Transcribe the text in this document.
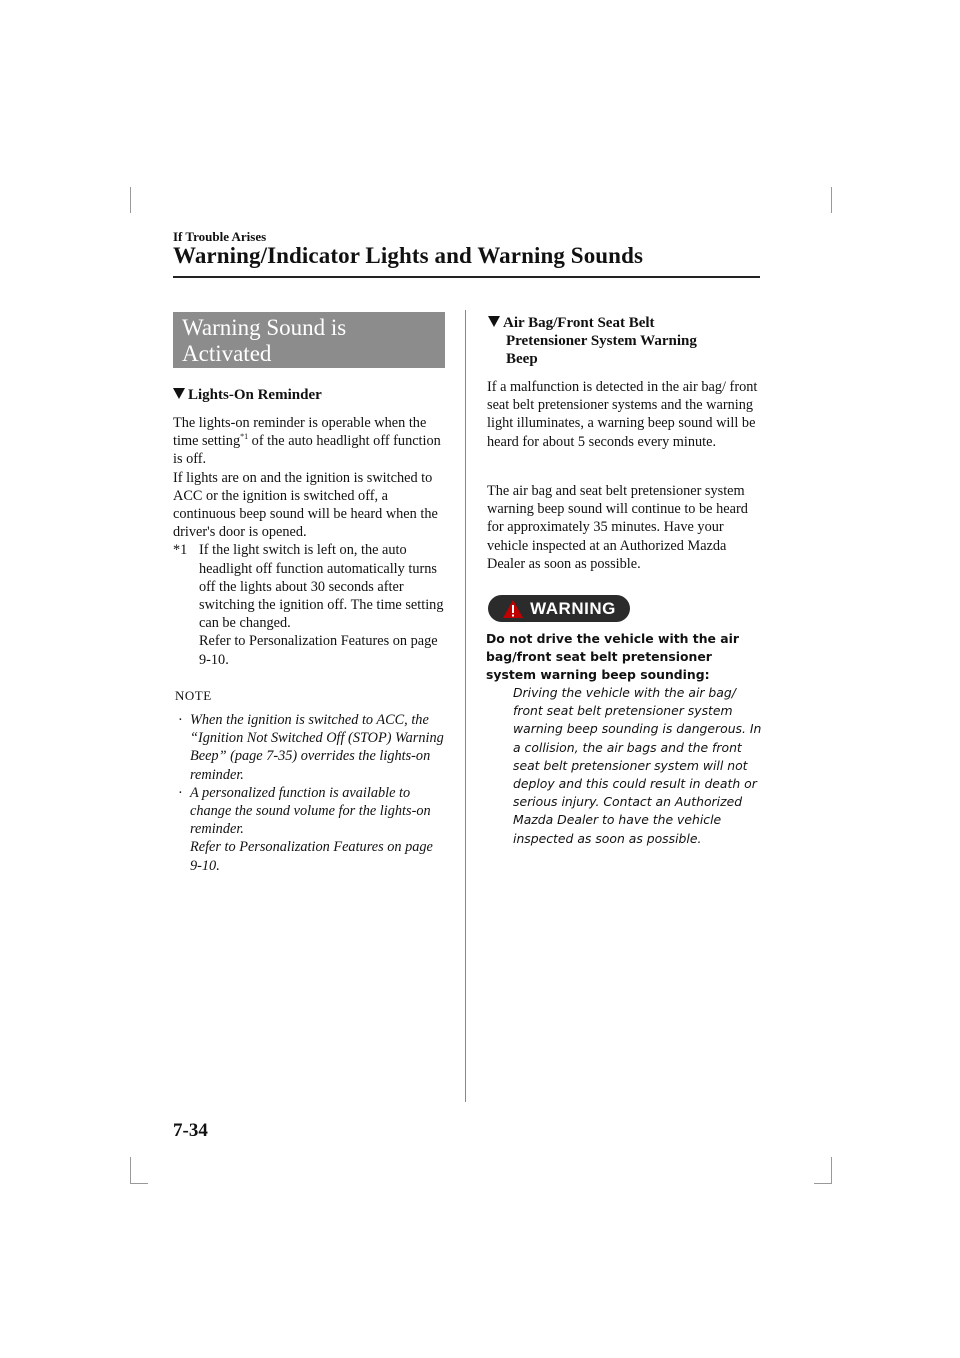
If Trouble Arises
Warning/Indicator Lights and Warning Sounds
Warning Sound is
Activated
Lights-On Reminder

The lights-on reminder is operable when the time setting$^{*1}$ of the auto headlight off function is off.

If lights are on and the ignition is switched to ACC or the ignition is switched off, a continuous beep sound will be heard when the driver's door is opened.

*1 If the light switch is left on, the auto headlight off function automatically turns off the lights about 30 seconds after switching the ignition off. The time setting can be changed.
Refer to Personalization Features on page 9-10.
NOTE
· When the ignition is switched to ACC, the “Ignition Not Switched Off (STOP) Warning Beep” (page 7-35) overrides the lights-on reminder.
· A personalized function is available to change the sound volume for the lights-on reminder.
Refer to Personalization Features on page 9-10.
Air Bag/Front Seat Belt
Pretensioner System Warning
Beep
If a malfunction is detected in the air bag/ front seat belt pretensioner systems and the warning light illuminates, a warning beep sound will be heard for about 5 seconds every minute.
The air bag and seat belt pretensioner system warning beep sound will continue to be heard for approximately 35 minutes. Have your vehicle inspected at an Authorized Mazda Dealer as soon as possible.
WARNING
Do not drive the vehicle with the air bag/front seat belt pretensioner system warning beep sounding:
Driving the vehicle with the air bag/ front seat belt pretensioner system warning beep sounding is dangerous. In a collision, the air bags and the front seat belt pretensioner system will not deploy and this could result in death or serious injury. Contact an Authorized Mazda Dealer to have the vehicle inspected as soon as possible.
7-34
